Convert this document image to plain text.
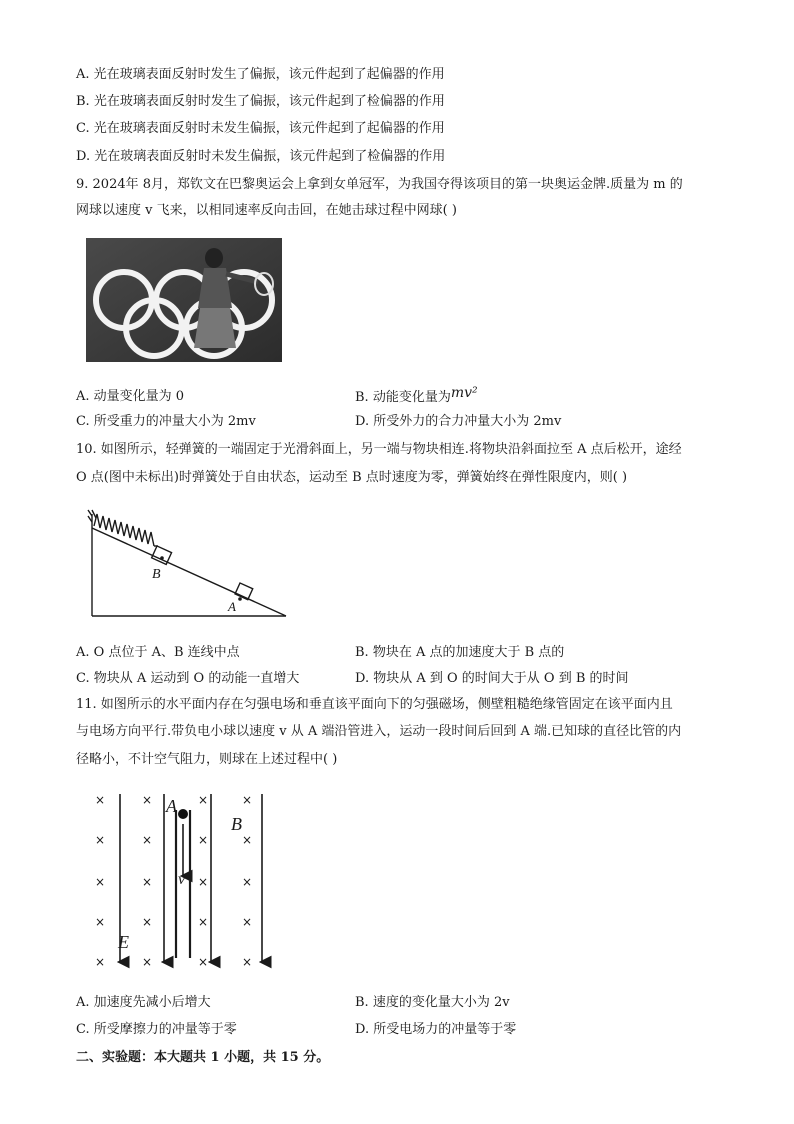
A. 光在玻璃表面反射时发生了偏振，该元件起到了起偏器的作用
B. 光在玻璃表面反射时发生了偏振，该元件起到了检偏器的作用
C. 光在玻璃表面反射时未发生偏振，该元件起到了起偏器的作用
D. 光在玻璃表面反射时未发生偏振，该元件起到了检偏器的作用
9. 2024年 8月，郑钦文在巴黎奥运会上拿到女单冠军，为我国夺得该项目的第一块奥运金牌.质量为 m 的
网球以速度 v 飞来，以相同速率反向击回，在她击球过程中网球( )
A. 动量变化量为 0	B. 动能变化量为mv²
C. 所受重力的冲量大小为 2mv	D. 所受外力的合力冲量大小为 2mv
10. 如图所示，轻弹簧的一端固定于光滑斜面上，另一端与物块相连.将物块沿斜面拉至 A 点后松开，途经
O 点(图中未标出)时弹簧处于自由状态，运动至 B 点时速度为零，弹簧始终在弹性限度内，则( )
B
A
A. O 点位于 A、B 连线中点	B. 物块在 A 点的加速度大于 B 点的
C. 物块从 A 运动到 O 的动能一直增大	D. 物块从 A 到 O 的时间大于从 O 到 B 的时间
11. 如图所示的水平面内存在匀强电场和垂直该平面向下的匀强磁场，侧壁粗糙绝缘管固定在该平面内且
与电场方向平行.带负电小球以速度 v 从 A 端沿管进入，运动一段时间后回到 A 端.已知球的直径比管的内
径略小，不计空气阻力，则球在上述过程中( )
×
×
×
×
×
×
×
×
×
×
×
×
×
×
×
×
×
×
×
×
A
B
v
E
A. 加速度先减小后增大	B. 速度的变化量大小为 2v
C. 所受摩擦力的冲量等于零	D. 所受电场力的冲量等于零
二、实验题：本大题共 1 小题，共 15 分。
